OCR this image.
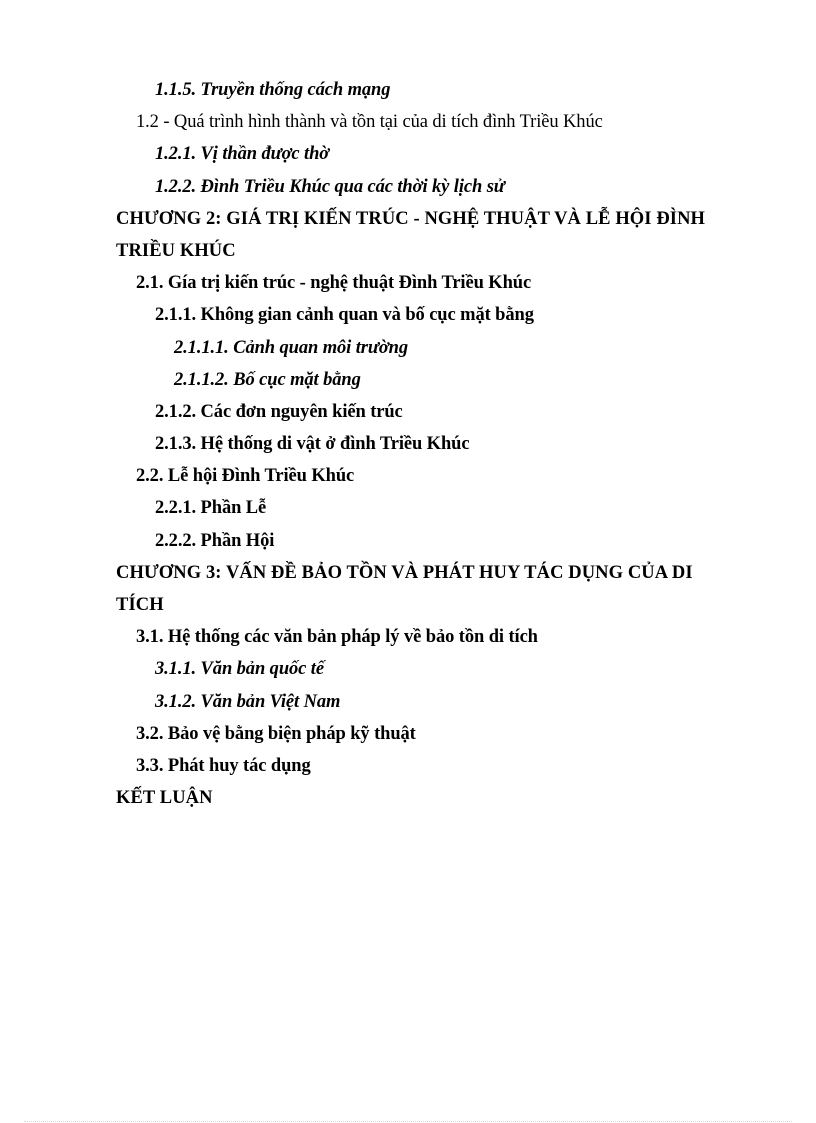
1.1.5. Truyền thống cách mạng
1.2 - Quá trình hình thành và tồn tại của di tích đình Triều Khúc
1.2.1. Vị thần được thờ
1.2.2. Đình Triều Khúc qua các thời kỳ lịch sử
CHƯƠNG 2: GIÁ TRỊ KIẾN TRÚC - NGHỆ THUẬT VÀ LỄ HỘI ĐÌNH
TRIỀU KHÚC
2.1. Gía trị kiến trúc - nghệ thuật Đình Triều Khúc
2.1.1. Không gian cảnh quan và bố cục mặt bằng
2.1.1.1. Cảnh quan môi trường
2.1.1.2. Bố cục mặt bằng
2.1.2. Các đơn nguyên kiến trúc
2.1.3. Hệ thống di vật ở đình Triều Khúc
2.2. Lễ hội Đình Triều Khúc
2.2.1. Phần Lễ
2.2.2. Phần Hội
CHƯƠNG 3: VẤN ĐỀ BẢO TỒN VÀ PHÁT HUY TÁC DỤNG CỦA DI
TÍCH
3.1. Hệ thống các văn bản pháp lý về bảo tồn di tích
3.1.1. Văn bản quốc tế
3.1.2. Văn bản Việt Nam
3.2. Bảo vệ bằng biện pháp kỹ thuật
3.3. Phát huy tác dụng
KẾT LUẬN
